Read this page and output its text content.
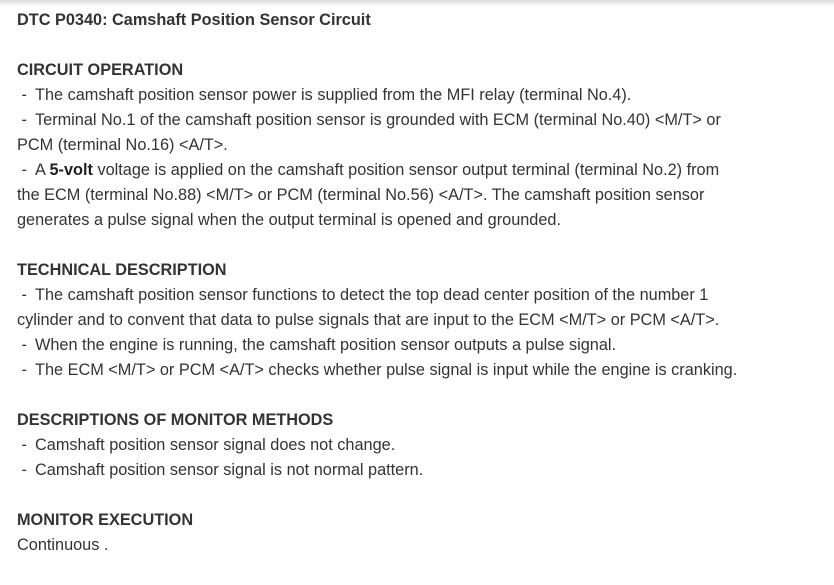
DTC P0340: Camshaft Position Sensor Circuit
CIRCUIT OPERATION
- The camshaft position sensor power is supplied from the MFI relay (terminal No.4).
- Terminal No.1 of the camshaft position sensor is grounded with ECM (terminal No.40) <M/T> or
PCM (terminal No.16) <A/T>.
- A 5-volt voltage is applied on the camshaft position sensor output terminal (terminal No.2) from
the ECM (terminal No.88) <M/T> or PCM (terminal No.56) <A/T>. The camshaft position sensor
generates a pulse signal when the output terminal is opened and grounded.
TECHNICAL DESCRIPTION
- The camshaft position sensor functions to detect the top dead center position of the number 1
cylinder and to convent that data to pulse signals that are input to the ECM <M/T> or PCM <A/T>.
- When the engine is running, the camshaft position sensor outputs a pulse signal.
- The ECM <M/T> or PCM <A/T> checks whether pulse signal is input while the engine is cranking.
DESCRIPTIONS OF MONITOR METHODS
- Camshaft position sensor signal does not change.
- Camshaft position sensor signal is not normal pattern.
MONITOR EXECUTION
Continuous .
